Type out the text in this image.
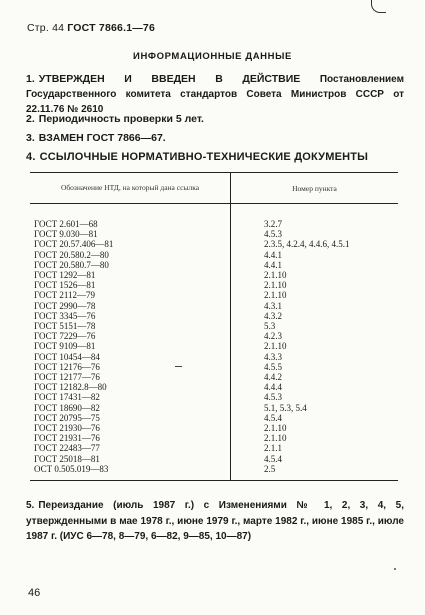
Стр. 44 ГОСТ 7866.1—76
ИНФОРМАЦИОННЫЕ ДАННЫЕ
1. УТВЕРЖДЕН И ВВЕДЕН В ДЕЙСТВИЕ Постановлением Государственного комитета стандартов Совета Министров СССР от 22.11.76 № 2610
2. Периодичность проверки 5 лет.
3. ВЗАМЕН ГОСТ 7866—67.
4. ССЫЛОЧНЫЕ НОРМАТИВНО-ТЕХНИЧЕСКИЕ ДОКУМЕНТЫ
Обозначение НТД, на который дана ссылка	Номер пункта

ГОСТ 2.601—68	3.2.7
ГОСТ 9.030—81	4.5.3
ГОСТ 20.57.406—81	2.3.5, 4.2.4, 4.4.6, 4.5.1
ГОСТ 20.580.2—80	4.4.1
ГОСТ 20.580.7—80	4.4.1
ГОСТ 1292—81	2.1.10
ГОСТ 1526—81	2.1.10
ГОСТ 2112—79	2.1.10
ГОСТ 2990—78	4.3.1
ГОСТ 3345—76	4.3.2
ГОСТ 5151—78	5.3
ГОСТ 7229—76	4.2.3
ГОСТ 9109—81	2.1.10
ГОСТ 10454—84	4.3.3
ГОСТ 12176—76	4.5.5
ГОСТ 12177—76	4.4.2
ГОСТ 12182.8—80	4.4.4
ГОСТ 17431—82	4.5.3
ГОСТ 18690—82	5.1, 5.3, 5.4
ГОСТ 20795—75	4.5.4
ГОСТ 21930—76	2.1.10
ГОСТ 21931—76	2.1.10
ГОСТ 22483—77	2.1.1
ГОСТ 25018—81	4.5.4
ОСТ 0.505.019—83	2.5

5. Переиздание (июль 1987 г.) с Изменениями № 1, 2, 3, 4, 5, утвержденными в мае 1978 г., июне 1979 г., марте 1982 г., июне 1985 г., июле 1987 г. (ИУС 6—78, 8—79, 6—82, 9—85, 10—87)
46
